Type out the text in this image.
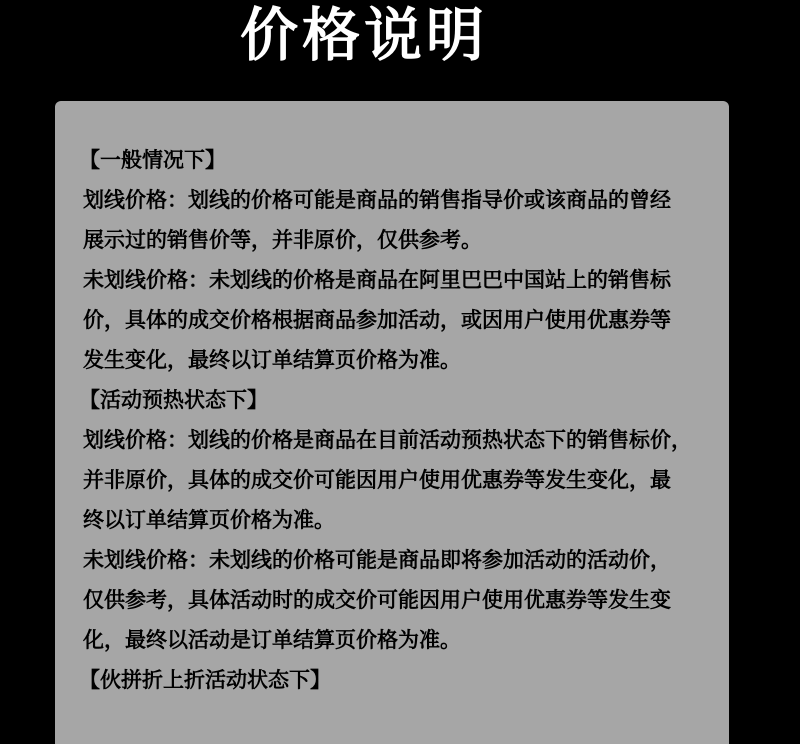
价格说明
【一般情况下】
划线价格：划线的价格可能是商品的销售指导价或该商品的曾经
展示过的销售价等，并非原价，仅供参考。
未划线价格：未划线的价格是商品在阿里巴巴中国站上的销售标
价，具体的成交价格根据商品参加活动，或因用户使用优惠券等
发生变化，最终以订单结算页价格为准。
【活动预热状态下】
划线价格：划线的价格是商品在目前活动预热状态下的销售标价，
并非原价，具体的成交价可能因用户使用优惠券等发生变化，最
终以订单结算页价格为准。
未划线价格：未划线的价格可能是商品即将参加活动的活动价，
仅供参考，具体活动时的成交价可能因用户使用优惠券等发生变
化，最终以活动是订单结算页价格为准。
【伙拼折上折活动状态下】
